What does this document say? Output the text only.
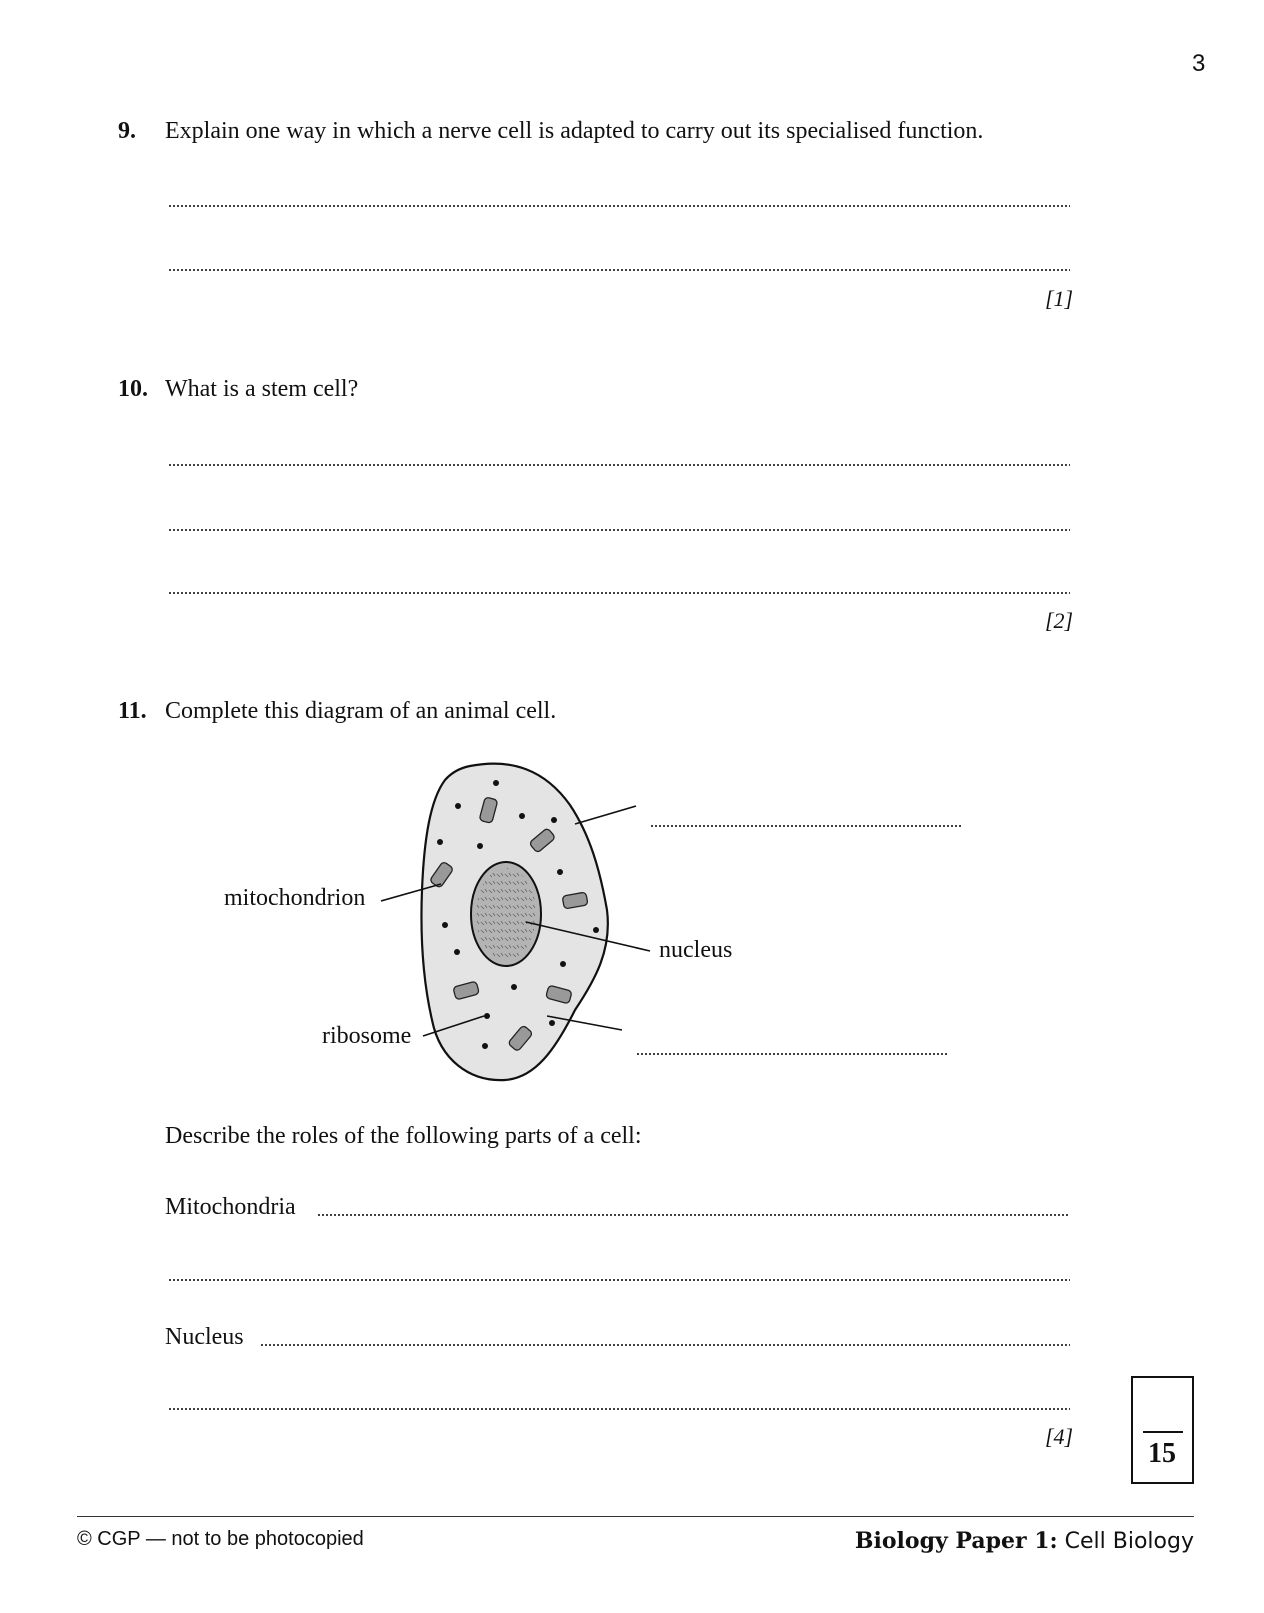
3
9. Explain one way in which a nerve cell is adapted to carry out its specialised function.
[1]
10. What is a stem cell?
[2]
11. Complete this diagram of an animal cell.
mitochondrion
nucleus
ribosome
Describe the roles of the following parts of a cell:
Mitochondria
Nucleus
[4]
15
© CGP — not to be photocopied	Biology Paper 1: Cell Biology
